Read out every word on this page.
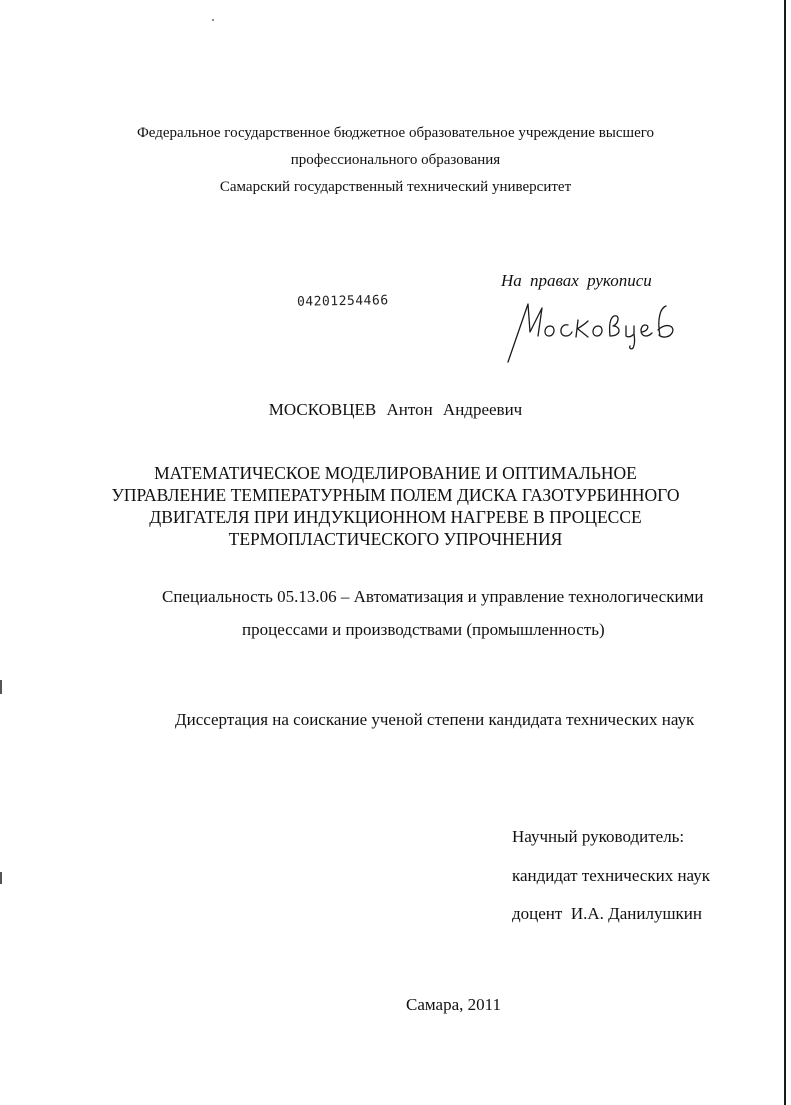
Федеральное государственное бюджетное образовательное учреждение высшего
профессионального образования
Самарский государственный технический университет
На правах рукописи
04201254466
МОСКОВЦЕВ Антон Андреевич
МАТЕМАТИЧЕСКОЕ МОДЕЛИРОВАНИЕ И ОПТИМАЛЬНОЕ
УПРАВЛЕНИЕ ТЕМПЕРАТУРНЫМ ПОЛЕМ ДИСКА ГАЗОТУРБИННОГО
ДВИГАТЕЛЯ ПРИ ИНДУКЦИОННОМ НАГРЕВЕ В ПРОЦЕССЕ
ТЕРМОПЛАСТИЧЕСКОГО УПРОЧНЕНИЯ
Специальность 05.13.06 – Автоматизация и управление технологическими
процессами и производствами (промышленность)
Диссертация на соискание ученой степени кандидата технических наук
Научный руководитель:
кандидат технических наук
доцент  И.А. Данилушкин
Самара, 2011
